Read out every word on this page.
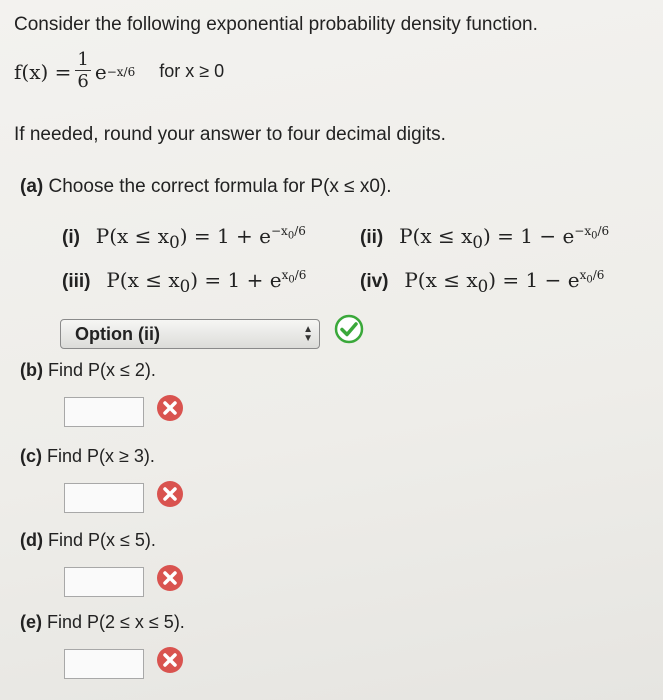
Consider the following exponential probability density function.
$f(x) = \frac{1}{6}$ e −x/6 for x ≥ 0
If needed, round your answer to four decimal digits.
(a) Choose the correct formula for P(x ≤ x0).
(i) $P(x \le x_0) = 1 + e^{-x_0/6}$	(ii) $P(x \le x_0) = 1 - e^{-x_0/6}$
(iii) $P(x \le x_0) = 1 + e^{x_0/6}$	(iv) $P(x \le x_0) = 1 - e^{x_0/6}$
Option (ii)	▲
▼
(b) Find P(x ≤ 2).
(c) Find P(x ≥ 3).
(d) Find P(x ≤ 5).
(e) Find P(2 ≤ x ≤ 5).
